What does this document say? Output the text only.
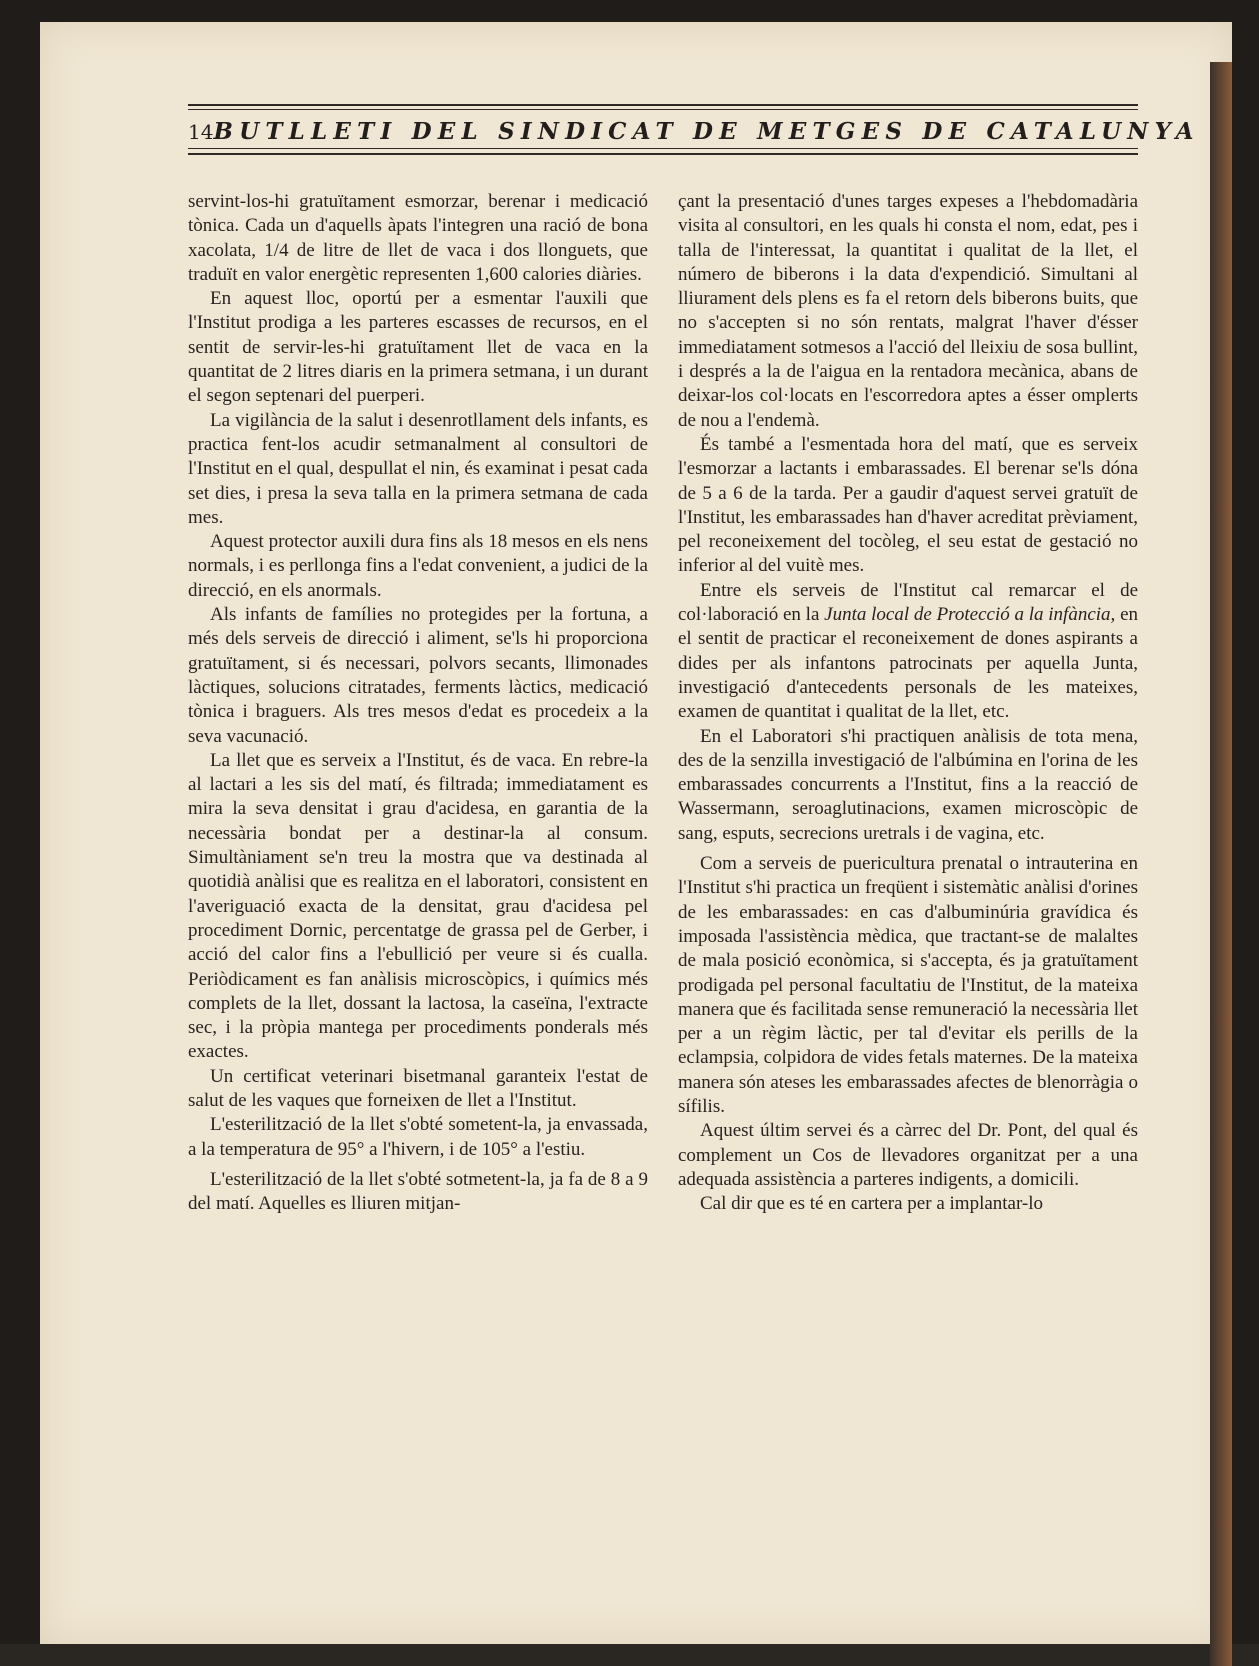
14 BUTLLETI DEL SINDICAT DE METGES DE CATALUNYA

servint-los-hi gratuïtament esmorzar, berenar i medicació tònica. Cada un d'aquells àpats l'integren una ració de bona xacolata, 1/4 de litre de llet de vaca i dos llonguets, que traduït en valor energètic representen 1,600 calories diàries.

En aquest lloc, oportú per a esmentar l'auxili que l'Institut prodiga a les parteres escasses de recursos, en el sentit de servir-les-hi gratuïtament llet de vaca en la quantitat de 2 litres diaris en la primera setmana, i un durant el segon septenari del puerperi.

La vigilància de la salut i desenrotllament dels infants, es practica fent-los acudir setmanalment al consultori de l'Institut en el qual, despullat el nin, és examinat i pesat cada set dies, i presa la seva talla en la primera setmana de cada mes.

Aquest protector auxili dura fins als 18 mesos en els nens normals, i es perllonga fins a l'edat convenient, a judici de la direcció, en els anormals.

Als infants de famílies no protegides per la fortuna, a més dels serveis de direcció i aliment, se'ls hi proporciona gratuïtament, si és necessari, polvors secants, llimonades làctiques, solucions citratades, ferments làctics, medicació tònica i braguers. Als tres mesos d'edat es procedeix a la seva vacunació.

La llet que es serveix a l'Institut, és de vaca. En rebre-la al lactari a les sis del matí, és filtrada; immediatament es mira la seva densitat i grau d'acidesa, en garantia de la necessària bondat per a destinar-la al consum. Simultàniament se'n treu la mostra que va destinada al quotidià anàlisi que es realitza en el laboratori, consistent en l'averiguació exacta de la densitat, grau d'acidesa pel procediment Dornic, percentatge de grassa pel de Gerber, i acció del calor fins a l'ebullició per veure si és cualla. Periòdicament es fan anàlisis microscòpics, i químics més complets de la llet, dossant la lactosa, la caseïna, l'extracte sec, i la pròpia mantega per procediments ponderals més exactes.

Un certificat veterinari bisetmanal garanteix l'estat de salut de les vaques que forneixen de llet a l'Institut.

L'esterilització de la llet s'obté sometent-la, ja envassada, a la temperatura de 95° a l'hivern, i de 105° a l'estiu.

L'esterilització de la llet s'obté sotmetent-la, ja fa de 8 a 9 del matí. Aquelles es lliuren mitjan-

çant la presentació d'unes targes expeses a l'hebdomadària visita al consultori, en les quals hi consta el nom, edat, pes i talla de l'interessat, la quantitat i qualitat de la llet, el número de biberons i la data d'expendició. Simultani al lliurament dels plens es fa el retorn dels biberons buits, que no s'accepten si no són rentats, malgrat l'haver d'ésser immediatament sotmesos a l'acció del lleixiu de sosa bullint, i després a la de l'aigua en la rentadora mecànica, abans de deixar-los col·locats en l'escorredora aptes a ésser omplerts de nou a l'endemà.

És també a l'esmentada hora del matí, que es serveix l'esmorzar a lactants i embarassades. El berenar se'ls dóna de 5 a 6 de la tarda. Per a gaudir d'aquest servei gratuït de l'Institut, les embarassades han d'haver acreditat prèviament, pel reconeixement del tocòleg, el seu estat de gestació no inferior al del vuitè mes.

Entre els serveis de l'Institut cal remarcar el de col·laboració en la Junta local de Protecció a la infància, en el sentit de practicar el reconeixement de dones aspirants a dides per als infantons patrocinats per aquella Junta, investigació d'antecedents personals de les mateixes, examen de quantitat i qualitat de la llet, etc.

En el Laboratori s'hi practiquen anàlisis de tota mena, des de la senzilla investigació de l'albúmina en l'orina de les embarassades concurrents a l'Institut, fins a la reacció de Wassermann, seroaglutinacions, examen microscòpic de sang, esputs, secrecions uretrals i de vagina, etc.

Com a serveis de puericultura prenatal o intrauterina en l'Institut s'hi practica un freqüent i sistemàtic anàlisi d'orines de les embarassades: en cas d'albuminúria gravídica és imposada l'assistència mèdica, que tractant-se de malaltes de mala posició econòmica, si s'accepta, és ja gratuïtament prodigada pel personal facultatiu de l'Institut, de la mateixa manera que és facilitada sense remuneració la necessària llet per a un règim làctic, per tal d'evitar els perills de la eclampsia, colpidora de vides fetals maternes. De la mateixa manera són ateses les embarassades afectes de blenorràgia o sífilis.

Aquest últim servei és a càrrec del Dr. Pont, del qual és complement un Cos de llevadores organitzat per a una adequada assistència a parteres indigents, a domicili.

Cal dir que es té en cartera per a implantar-lo
